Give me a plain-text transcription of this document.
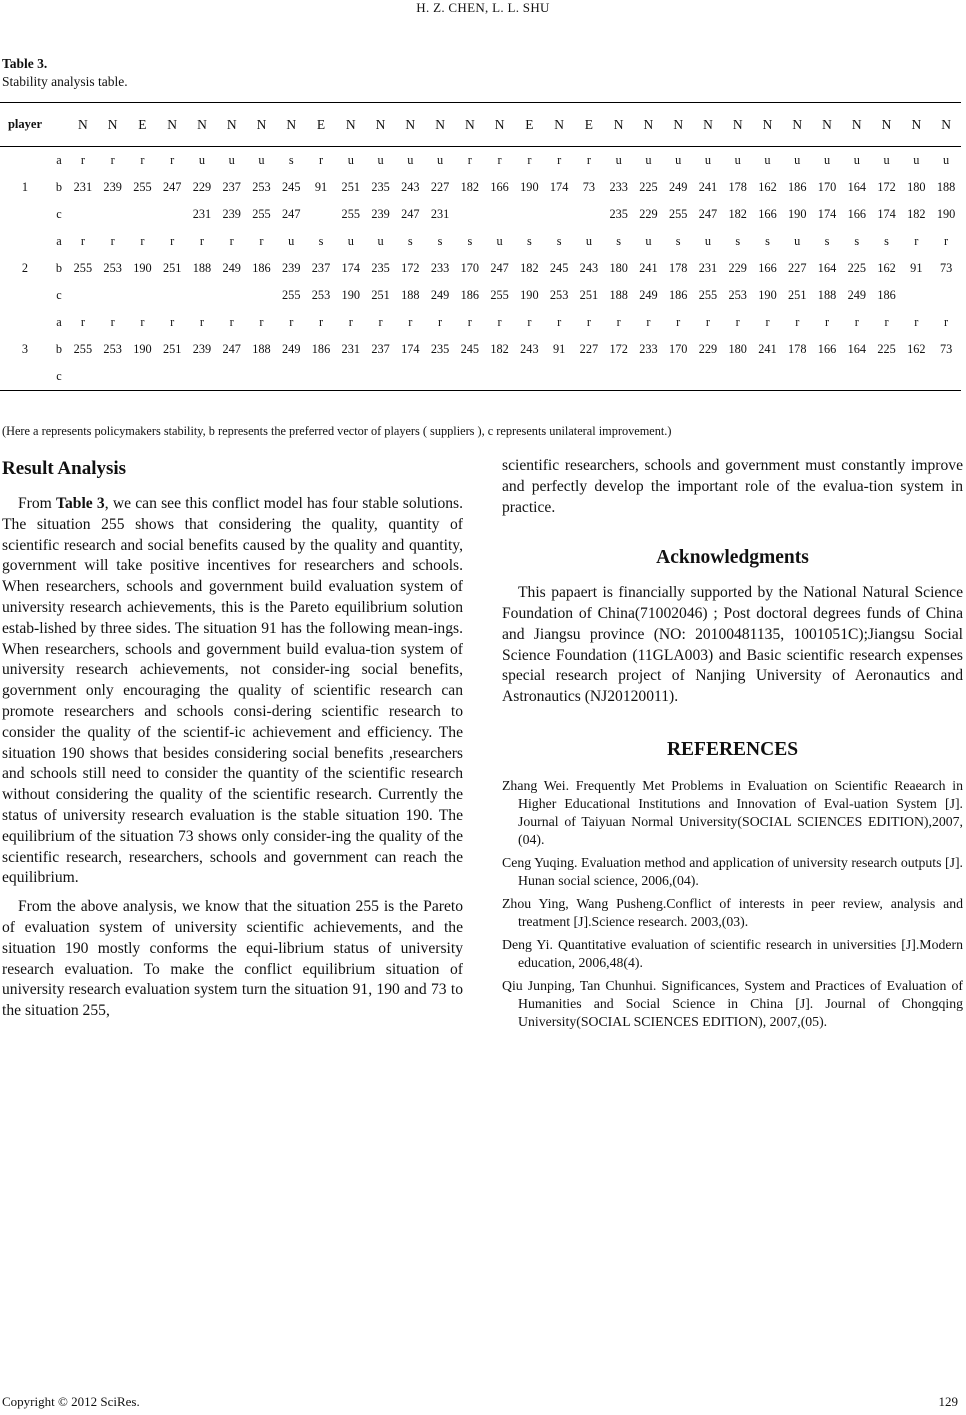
H. Z. CHEN, L. L. SHU
Table 3.
Stability analysis table.
player		N	N	E	N	N	N	N	N	E	N	N	N	N	N	N	E	N	E	N	N	N	N	N	N	N	N	N	N	N	N
1	a	r	r	r	r	u	u	u	s	r	u	u	u	u	r	r	r	r	r	u	u	u	u	u	u	u	u	u	u	u	u
	b	231	239	255	247	229	237	253	245	91	251	235	243	227	182	166	190	174	73	233	225	249	241	178	162	186	170	164	172	180	188
	c					231	239	255	247		255	239	247	231						235	229	255	247	182	166	190	174	166	174	182	190
2	a	r	r	r	r	r	r	r	u	s	u	u	s	s	s	u	s	s	u	s	u	s	u	s	s	u	s	s	s	r	r
	b	255	253	190	251	188	249	186	239	237	174	235	172	233	170	247	182	245	243	180	241	178	231	229	166	227	164	225	162	91	73
	c								255	253	190	251	188	249	186	255	190	253	251	188	249	186	255	253	190	251	188	249	186		
3	a	r	r	r	r	r	r	r	r	r	r	r	r	r	r	r	r	r	r	r	r	r	r	r	r	r	r	r	r	r	r
	b	255	253	190	251	239	247	188	249	186	231	237	174	235	245	182	243	91	227	172	233	170	229	180	241	178	166	164	225	162	73
	c																														
(Here a represents policymakers stability, b represents the preferred vector of players ( suppliers ), c represents unilateral improvement.)
Result Analysis

From Table 3, we can see this conflict model has four stable solutions. The situation 255 shows that considering the quality, quantity of scientific research and social benefits caused by the quality and quantity, government will take positive incentives for researchers and schools. When researchers, schools and government build evaluation system of university research achievements, this is the Pareto equilibrium solution estab-lished by three sides. The situation 91 has the following mean-ings. When researchers, schools and government build evalua-tion system of university research achievements, not consider-ing social benefits, government only encouraging the quality of scientific research can promote researchers and schools consi-dering scientific research to consider the quality of the scientif-ic achievement and efficiency. The situation 190 shows that besides considering social benefits ,researchers and schools still need to consider the quantity of the scientific research without considering the quality of the scientific research. Currently the status of university research evaluation is the stable situation 190. The equilibrium of the situation 73 shows only consider-ing the quality of the scientific research, researchers, schools and government can reach the equilibrium.

From the above analysis, we know that the situation 255 is the Pareto of evaluation system of university scientific achievements, and the situation 190 mostly conforms the equi-librium status of university research evaluation. To make the conflict equilibrium situation of university research evaluation system turn the situation 91, 190 and 73 to the situation 255,

scientific researchers, schools and government must constantly improve and perfectly develop the important role of the evalua-tion system in practice.

Acknowledgments

This papaert is financially supported by the National Natural Science Foundation of China(71002046) ; Post doctoral degrees funds of China and Jiangsu province (NO: 20100481135, 1001051C);Jiangsu Social Science Foundation (11GLA003) and Basic scientific research expenses special research project of Nanjing University of Aeronautics and Astronautics (NJ20120011).

REFERENCES
Zhang Wei. Frequently Met Problems in Evaluation on Scientific Reaearch in Higher Educational Institutions and Innovation of Eval-uation System [J]. Journal of Taiyuan Normal University(SOCIAL SCIENCES EDITION),2007,(04).
Ceng Yuqing. Evaluation method and application of university research outputs [J]. Hunan social science, 2006,(04).
Zhou Ying, Wang Pusheng.Conflict of interests in peer review, analysis and treatment [J].Science research. 2003,(03).
Deng Yi. Quantitative evaluation of scientific research in universities [J].Modern education, 2006,48(4).
Qiu Junping, Tan Chunhui. Significances, System and Practices of Evaluation of Humanities and Social Science in China [J]. Journal of Chongqing University(SOCIAL SCIENCES EDITION), 2007,(05).
Copyright © 2012 SciRes.	129
